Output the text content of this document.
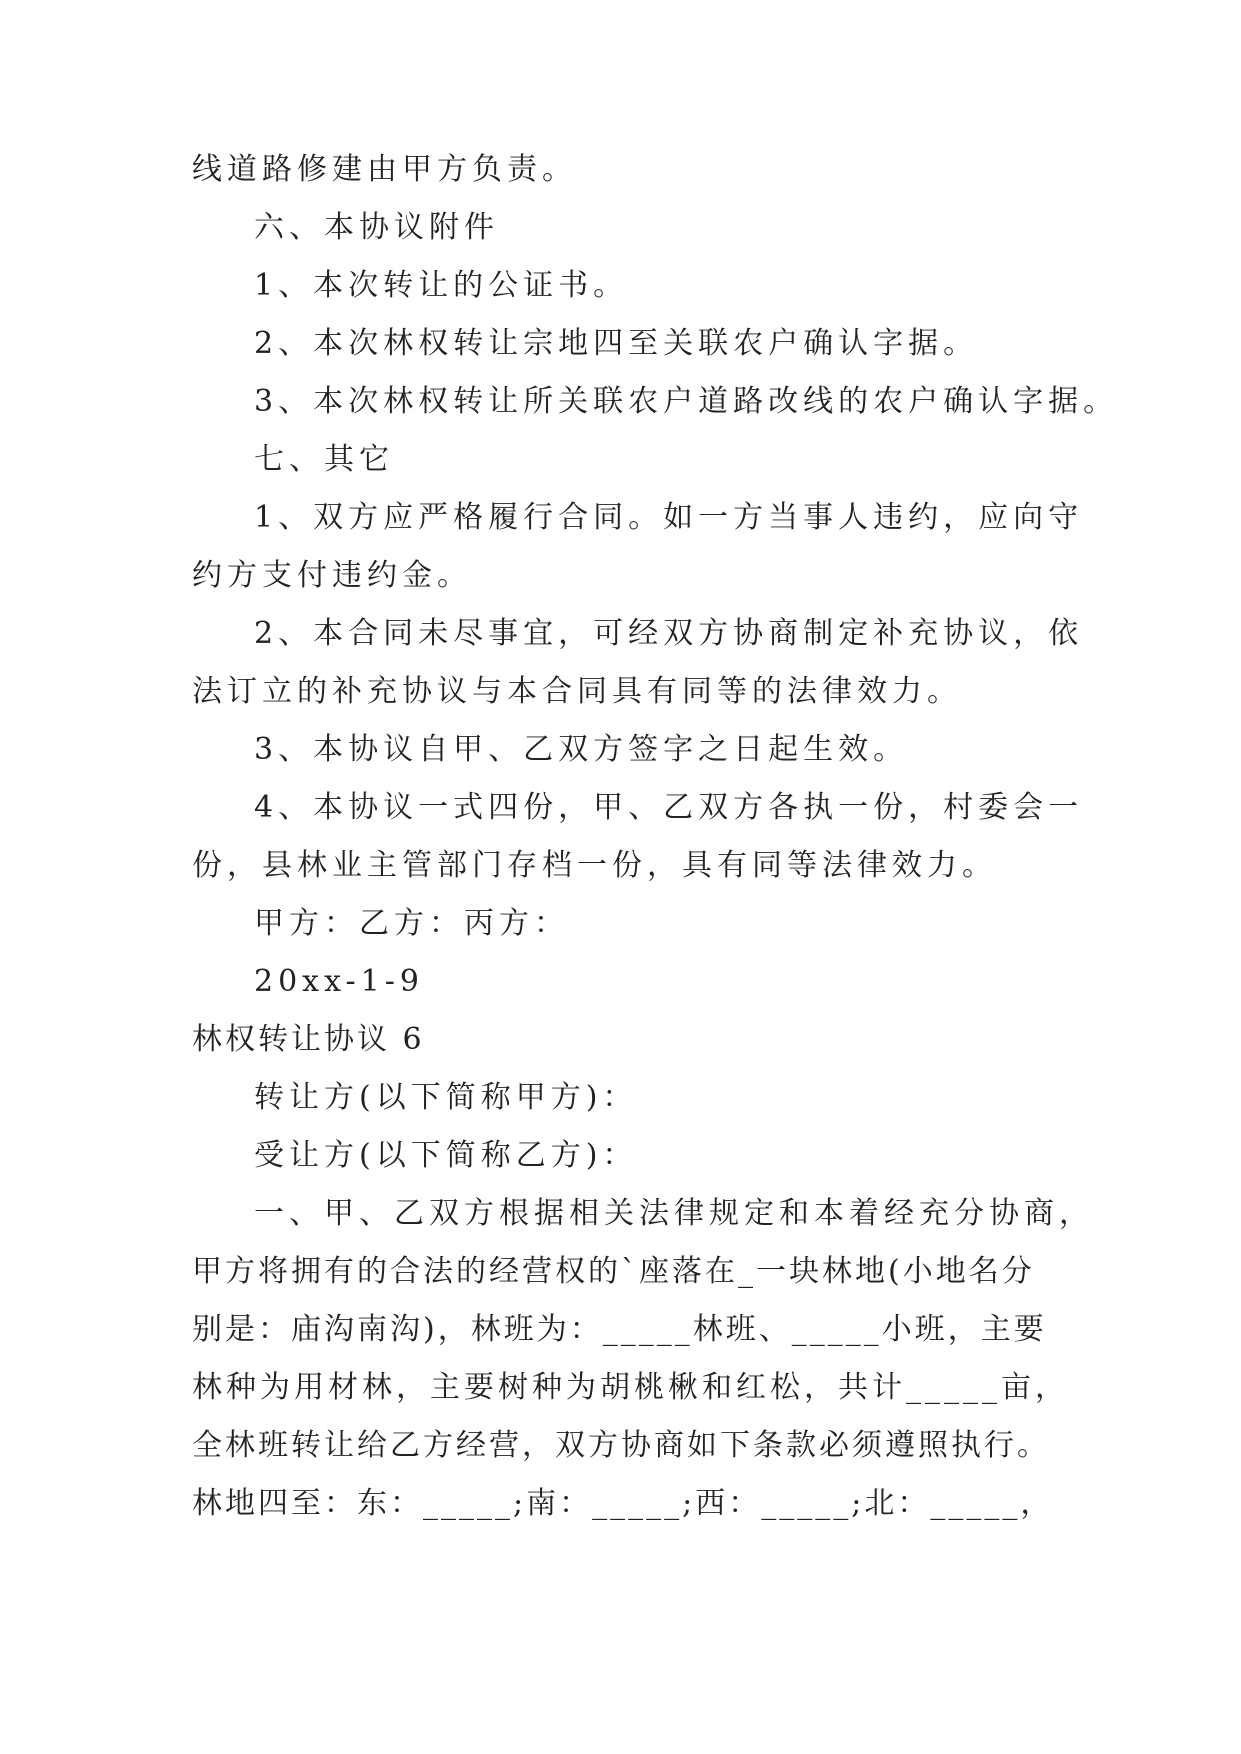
线道路修建由甲方负责。
六、本协议附件
1、本次转让的公证书。
2、本次林权转让宗地四至关联农户确认字据。
3、本次林权转让所关联农户道路改线的农户确认字据。
七、其它
1、双方应严格履行合同。如一方当事人违约，应向守
约方支付违约金。
2、本合同未尽事宜，可经双方协商制定补充协议，依
法订立的补充协议与本合同具有同等的法律效力。
3、本协议自甲、乙双方签字之日起生效。
4、本协议一式四份，甲、乙双方各执一份，村委会一
份，县林业主管部门存档一份，具有同等法律效力。
甲方：乙方：丙方：
20xx-1-9
林权转让协议 6
转让方(以下简称甲方)：
受让方(以下简称乙方)：
一、甲、乙双方根据相关法律规定和本着经充分协商，
甲方将拥有的合法的经营权的`座落在_一块林地(小地名分
别是：庙沟南沟)，林班为：_____林班、_____小班，主要
林种为用材林，主要树种为胡桃楸和红松，共计_____亩，
全林班转让给乙方经营，双方协商如下条款必须遵照执行。
林地四至：东：_____;南：_____;西：_____;北：_____，
